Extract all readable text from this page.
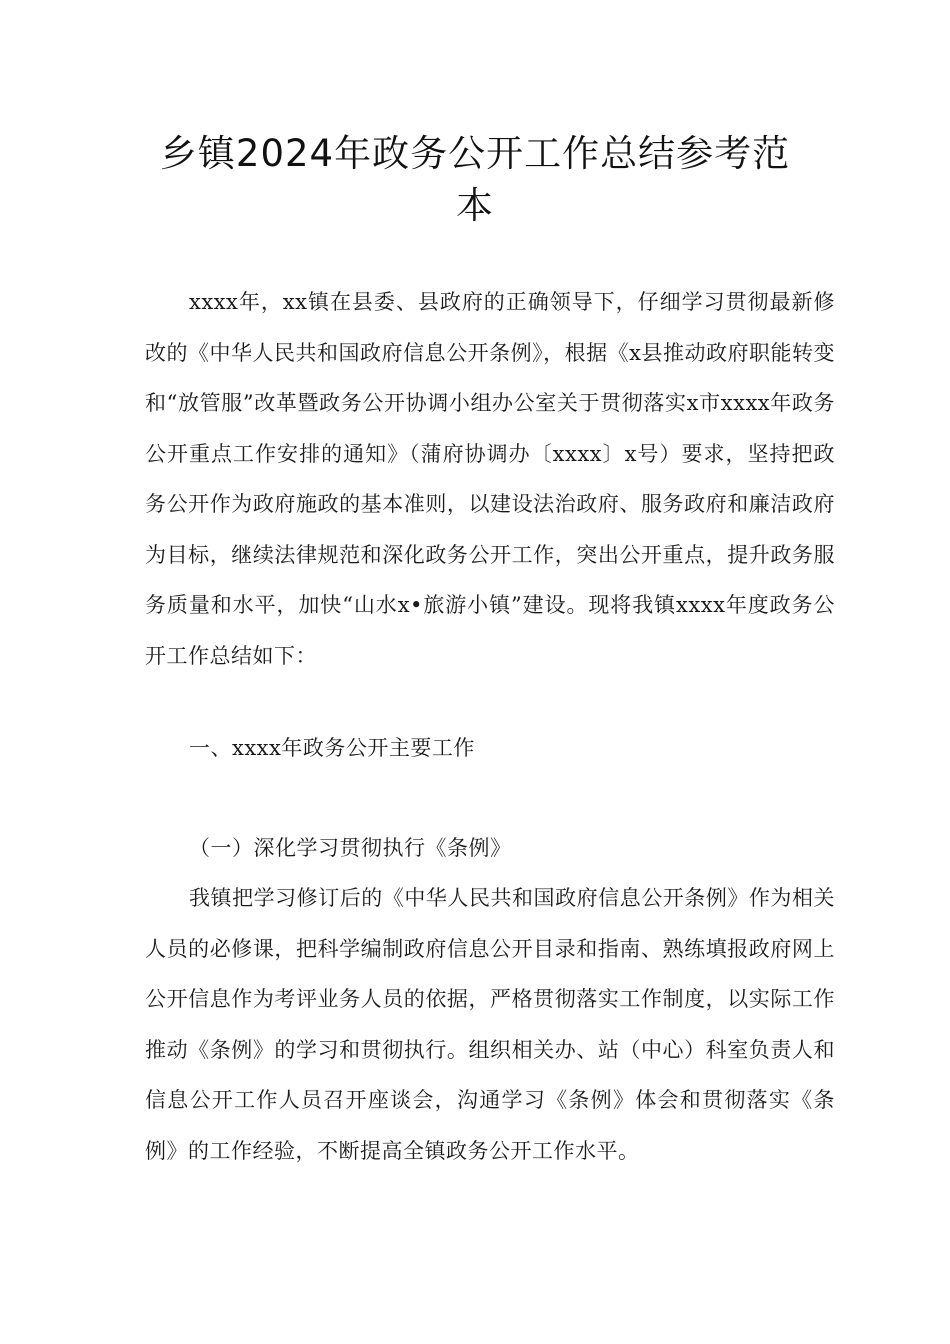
乡镇2024年政务公开工作总结参考范
本

xxxx年，xx镇在县委、县政府的正确领导下，仔细学习贯彻最新修改的《中华人民共和国政府信息公开条例》，根据《x县推动政府职能转变和“放管服”改革暨政务公开协调小组办公室关于贯彻落实x市xxxx年政务公开重点工作安排的通知》（蒲府协调办〔xxxx〕x号）要求，坚持把政务公开作为政府施政的基本准则，以建设法治政府、服务政府和廉洁政府为目标，继续法律规范和深化政务公开工作，突出公开重点，提升政务服务质量和水平，加快“山水x•旅游小镇”建设。现将我镇xxxx年度政务公开工作总结如下：

一、xxxx年政务公开主要工作

（一）深化学习贯彻执行《条例》

我镇把学习修订后的《中华人民共和国政府信息公开条例》作为相关人员的必修课，把科学编制政府信息公开目录和指南、熟练填报政府网上公开信息作为考评业务人员的依据，严格贯彻落实工作制度，以实际工作推动《条例》的学习和贯彻执行。组织相关办、站（中心）科室负责人和信息公开工作人员召开座谈会，沟通学习《条例》体会和贯彻落实《条例》的工作经验，不断提高全镇政务公开工作水平。
